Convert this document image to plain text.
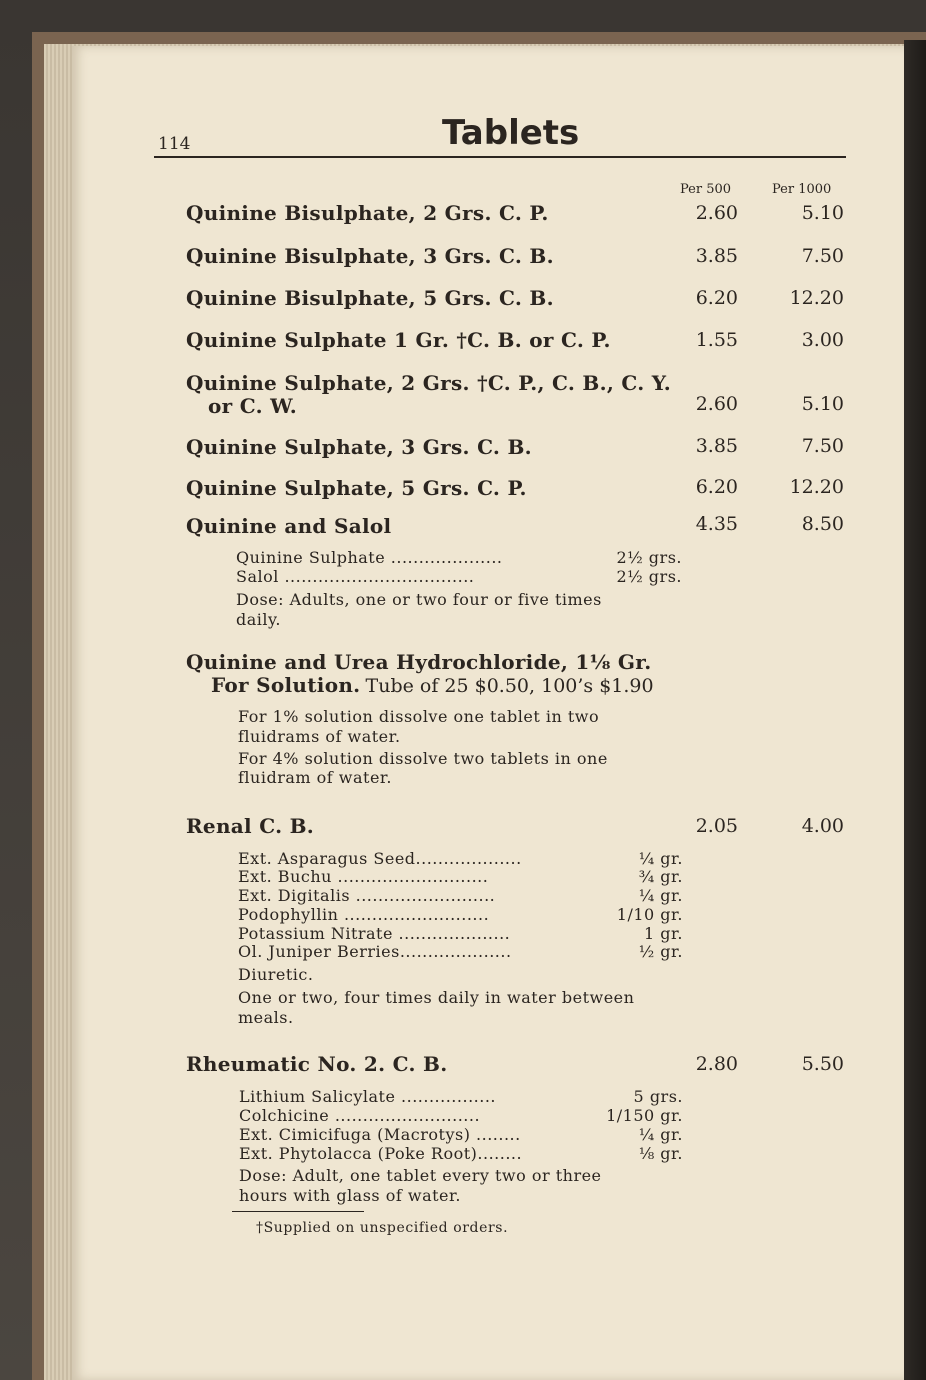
114	Tablets
Per 500	Per 1000
Quinine Bisulphate, 2 Grs. C. P.	2.60	5.10
Quinine Bisulphate, 3 Grs. C. B.	3.85	7.50
Quinine Bisulphate, 5 Grs. C. B.	6.20	12.20
Quinine Sulphate 1 Gr. †C. B. or C. P.	1.55	3.00
Quinine Sulphate, 2 Grs. †C. P., C. B., C. Y.
or C. W.	2.60	5.10
Quinine Sulphate, 3 Grs. C. B.	3.85	7.50
Quinine Sulphate, 5 Grs. C. P.	6.20	12.20
Quinine and Salol	4.35	8.50
Quinine Sulphate ....................	2½ grs.
Salol ..................................	2½ grs.
Dose: Adults, one or two four or five times
daily.
Quinine and Urea Hydrochloride, 1⅛ Gr.
For Solution. Tube of 25 $0.50, 100’s $1.90
For 1% solution dissolve one tablet in two
fluidrams of water.
For 4% solution dissolve two tablets in one
fluidram of water.
Renal C. B.	2.05	4.00
Ext. Asparagus Seed...................	¼ gr.
Ext. Buchu ...........................	¾ gr.
Ext. Digitalis .........................	¼ gr.
Podophyllin ..........................	1/10 gr.
Potassium Nitrate ....................	1 gr.
Ol. Juniper Berries....................	½ gr.
Diuretic.
One or two, four times daily in water between
meals.
Rheumatic No. 2. C. B.	2.80	5.50
Lithium Salicylate .................	5 grs.
Colchicine ..........................	1/150 gr.
Ext. Cimicifuga (Macrotys) ........	¼ gr.
Ext. Phytolacca (Poke Root)........	⅛ gr.
Dose: Adult, one tablet every two or three
hours with glass of water.
†Supplied on unspecified orders.
